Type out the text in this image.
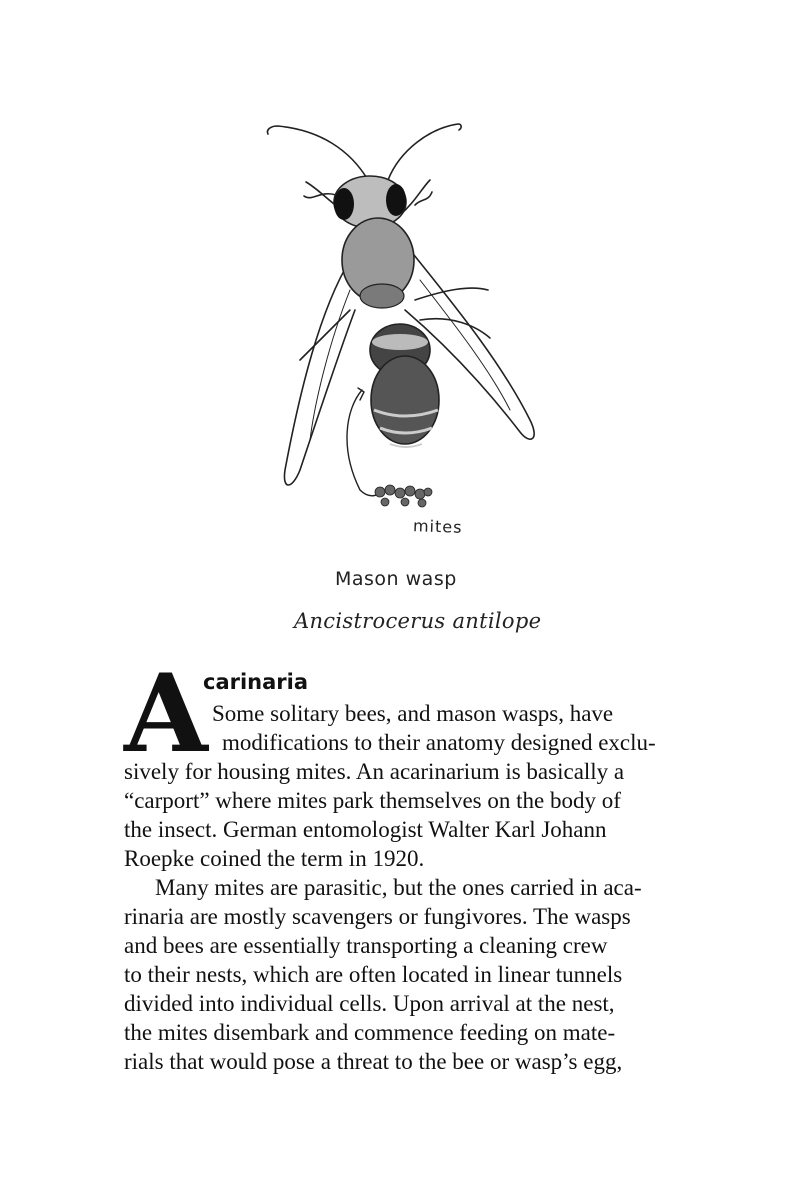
mites
Mason wasp
Ancistrocerus antilope
A
carinaria
Some solitary bees, and mason wasps, have
modifications to their anatomy designed exclu-
sively for housing mites. An acarinarium is basically a
“carport” where mites park themselves on the body of
the insect. German entomologist Walter Karl Johann
Roepke coined the term in 1920.
Many mites are parasitic, but the ones carried in aca-
rinaria are mostly scavengers or fungivores. The wasps
and bees are essentially transporting a cleaning crew
to their nests, which are often located in linear tunnels
divided into individual cells. Upon arrival at the nest,
the mites disembark and commence feeding on mate-
rials that would pose a threat to the bee or wasp’s egg,
